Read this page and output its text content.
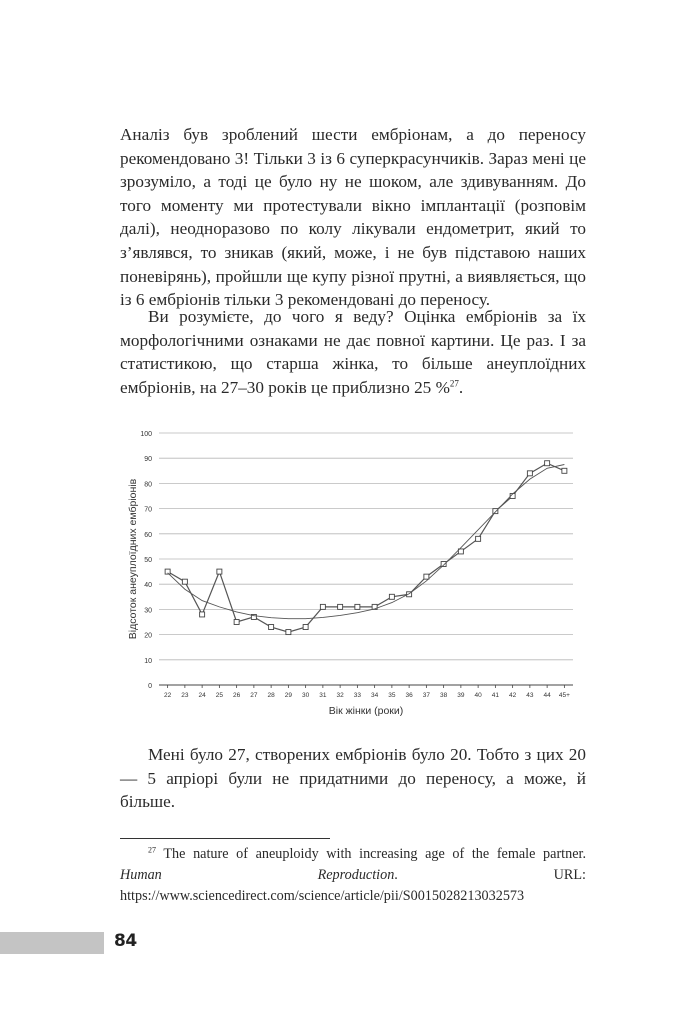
Аналіз був зроблений шести ембріонам, а до переносу рекомендовано 3! Тільки 3 із 6 суперкрасунчиків. Зараз мені це зрозуміло, а тоді це було ну не шоком, але здивуванням. До того моменту ми протестували вікно імплантації (розповім далі), неодноразово по колу лікували ендометрит, який то з’являвся, то зникав (який, може, і не був підставою наших поневірянь), пройшли ще купу різної прутні, а виявляється, що із 6 ембріонів тільки 3 рекомендовані до переносу.

Ви розумієте, до чого я веду? Оцінка ембріонів за їх морфологічними ознаками не дає повної картини. Це раз. І за статистикою, що старша жінка, то більше анеуплоїдних ембріонів, на 27–30 років це приблизно 25 %$^{27}$.

0
10
20
30
40
50
60
70
80
90
100
22 23 24 25 26 27 28 29 30 31 32 33 34 35 36 37 38 39 40 41 42 43 44 45+
Відсоток анеуплоїдних ембріонів
Вік жінки (роки)

Мені було 27, створених ембріонів було 20. Тобто з цих 20 — 5 апріорі були не придатними до переносу, а може, й більше.

$^{27}$ The nature of aneuploidy with increasing age of the female partner. Human Reproduction. URL: https://www.sciencedirect.com/science/article/pii/S0015028213032573

84
